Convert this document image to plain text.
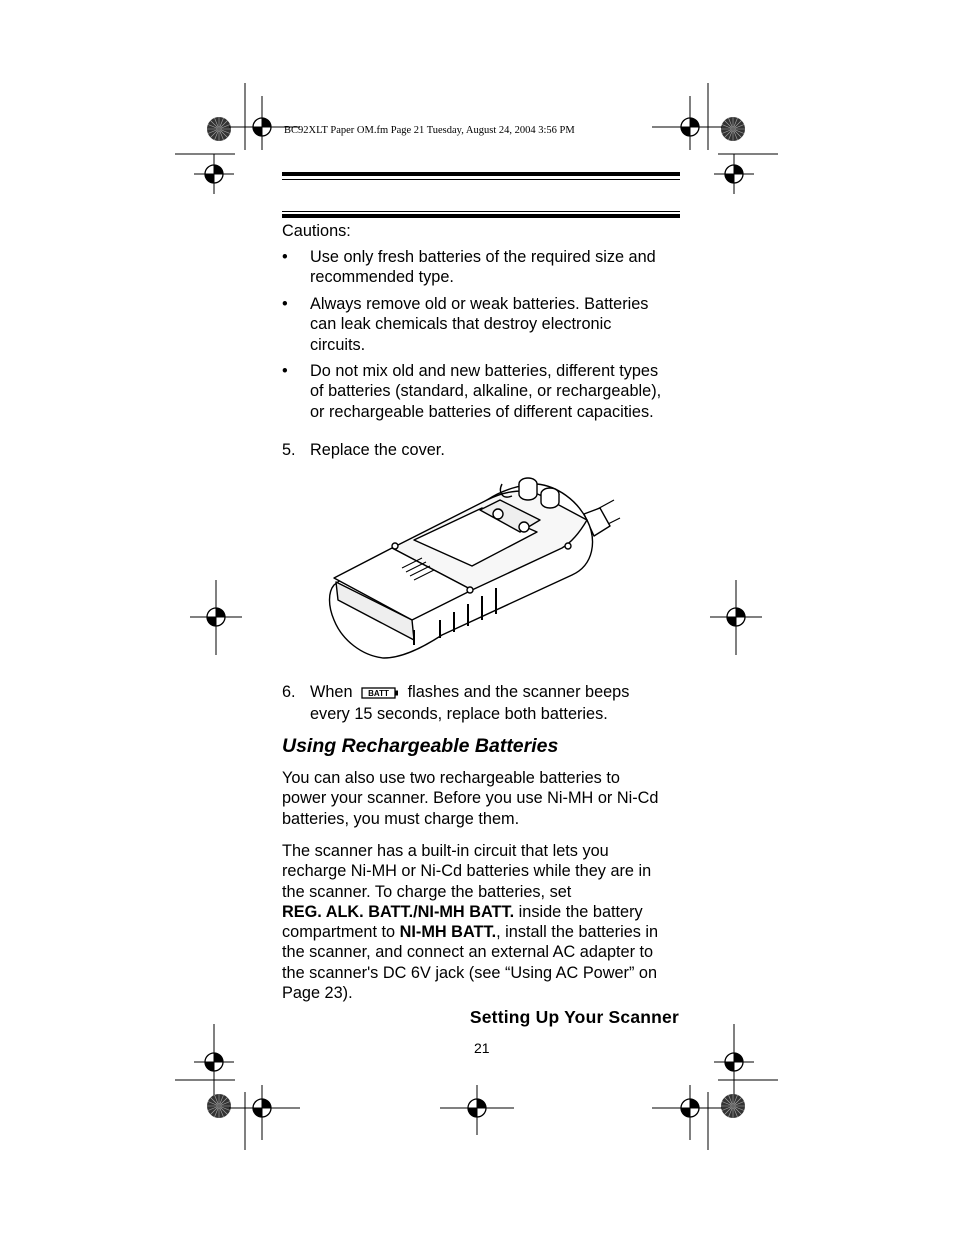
BC92XLT Paper OM.fm Page 21 Tuesday, August 24, 2004 3:56 PM
Cautions:
• Use only fresh batteries of the required size and
recommended type.
• Always remove old or weak batteries. Batteries
can leak chemicals that destroy electronic
circuits.
• Do not mix old and new batteries, different types
of batteries (standard, alkaline, or rechargeable),
or rechargeable batteries of different capacities.
5. Replace the cover.
6. When BATT flashes and the scanner beeps
every 15 seconds, replace both batteries.
Using Rechargeable Batteries
You can also use two rechargeable batteries to
power your scanner. Before you use Ni-MH or Ni-Cd
batteries, you must charge them.
The scanner has a built-in circuit that lets you
recharge Ni-MH or Ni-Cd batteries while they are in
the scanner. To charge the batteries, set
REG. ALK. BATT./NI-MH BATT. inside the battery
compartment to NI-MH BATT., install the batteries in
the scanner, and connect an external AC adapter to
the scanner's DC 6V jack (see “Using AC Power” on
Page 23).
Setting Up Your Scanner
21
